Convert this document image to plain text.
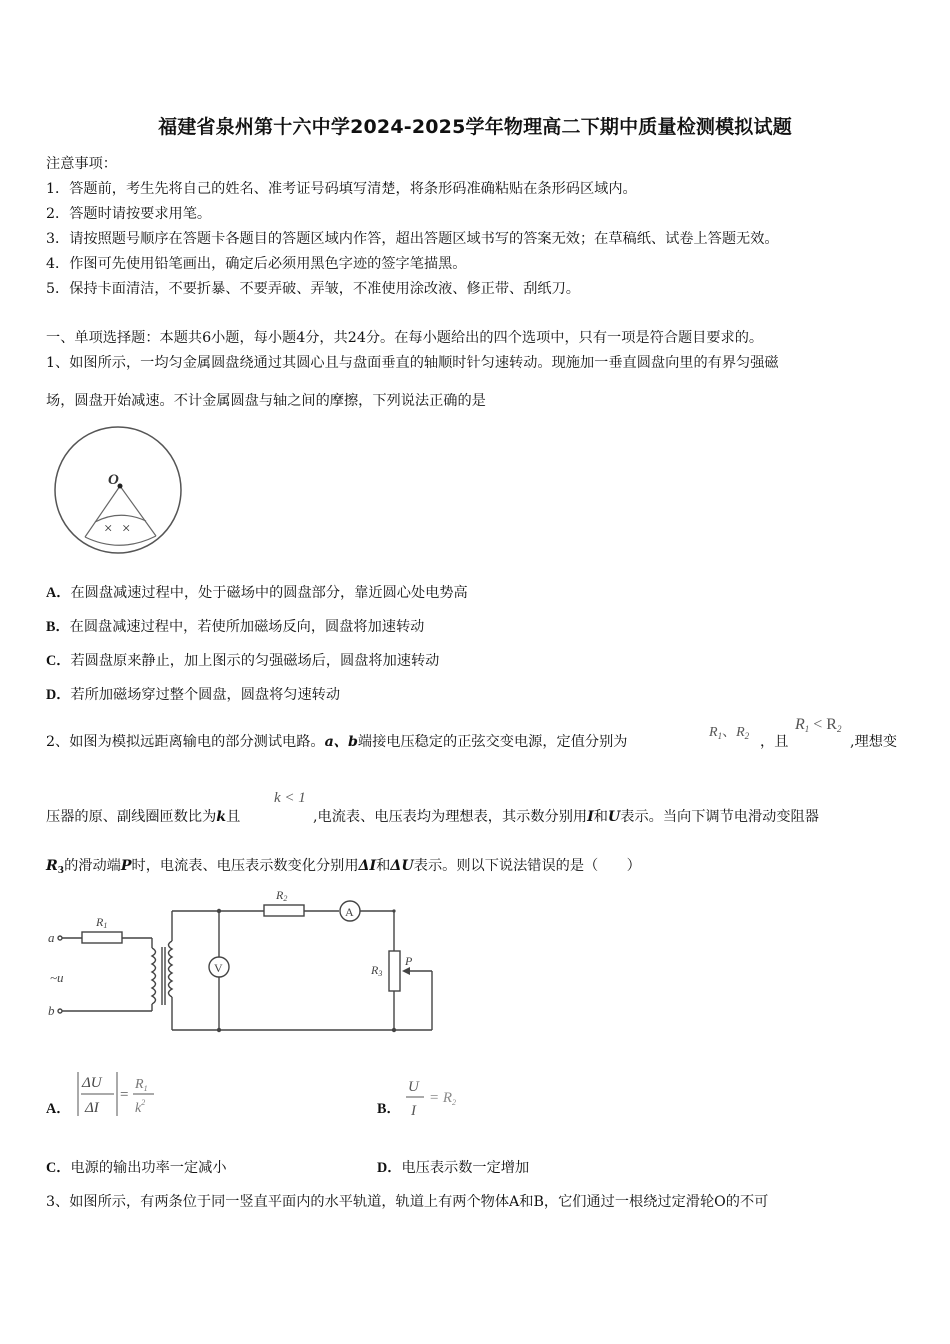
福建省泉州第十六中学2024-2025学年物理高二下期中质量检测模拟试题
注意事项：
1．答题前，考生先将自己的姓名、准考证号码填写清楚，将条形码准确粘贴在条形码区域内。
2．答题时请按要求用笔。
3．请按照题号顺序在答题卡各题目的答题区域内作答，超出答题区域书写的答案无效；在草稿纸、试卷上答题无效。
4．作图可先使用铅笔画出，确定后必须用黑色字迹的签字笔描黑。
5．保持卡面清洁，不要折暴、不要弄破、弄皱，不准使用涂改液、修正带、刮纸刀。
一、单项选择题：本题共6小题，每小题4分，共24分。在每小题给出的四个选项中，只有一项是符合题目要求的。
1、如图所示，一均匀金属圆盘绕通过其圆心且与盘面垂直的轴顺时针匀速转动。现施加一垂直圆盘向里的有界匀强磁
场，圆盘开始减速。不计金属圆盘与轴之间的摩擦，下列说法正确的是
O
× ×
A．在圆盘减速过程中，处于磁场中的圆盘部分，靠近圆心处电势高
B．在圆盘减速过程中，若使所加磁场反向，圆盘将加速转动
C．若圆盘原来静止，加上图示的匀强磁场后，圆盘将加速转动
D．若所加磁场穿过整个圆盘，圆盘将匀速转动
2、如图为模拟远距离输电的部分测试电路。a、b端接电压稳定的正弦交变电源，定值分别为
$R_1$、$R_2$ ，且
$R_1 < R_2$
,理想变
压器的原、副线圈匝数比为k且
k < 1
,电流表、电压表均为理想表，其示数分别用I和U表示。当向下调节电滑动变阻器
$R_3$的滑动端P时，电流表、电压表示数变化分别用ΔI和ΔU表示。则以下说法错误的是（　　）
a
b
~u
R1
R2
R3
P
V
A
A．
ΔU
ΔI
=
$R_1$
$k^2$	B．
U
I
= $R_2$
C．电源的输出功率一定减小	D．电压表示数一定增加
3、如图所示，有两条位于同一竖直平面内的水平轨道，轨道上有两个物体A和B，它们通过一根绕过定滑轮O的不可
